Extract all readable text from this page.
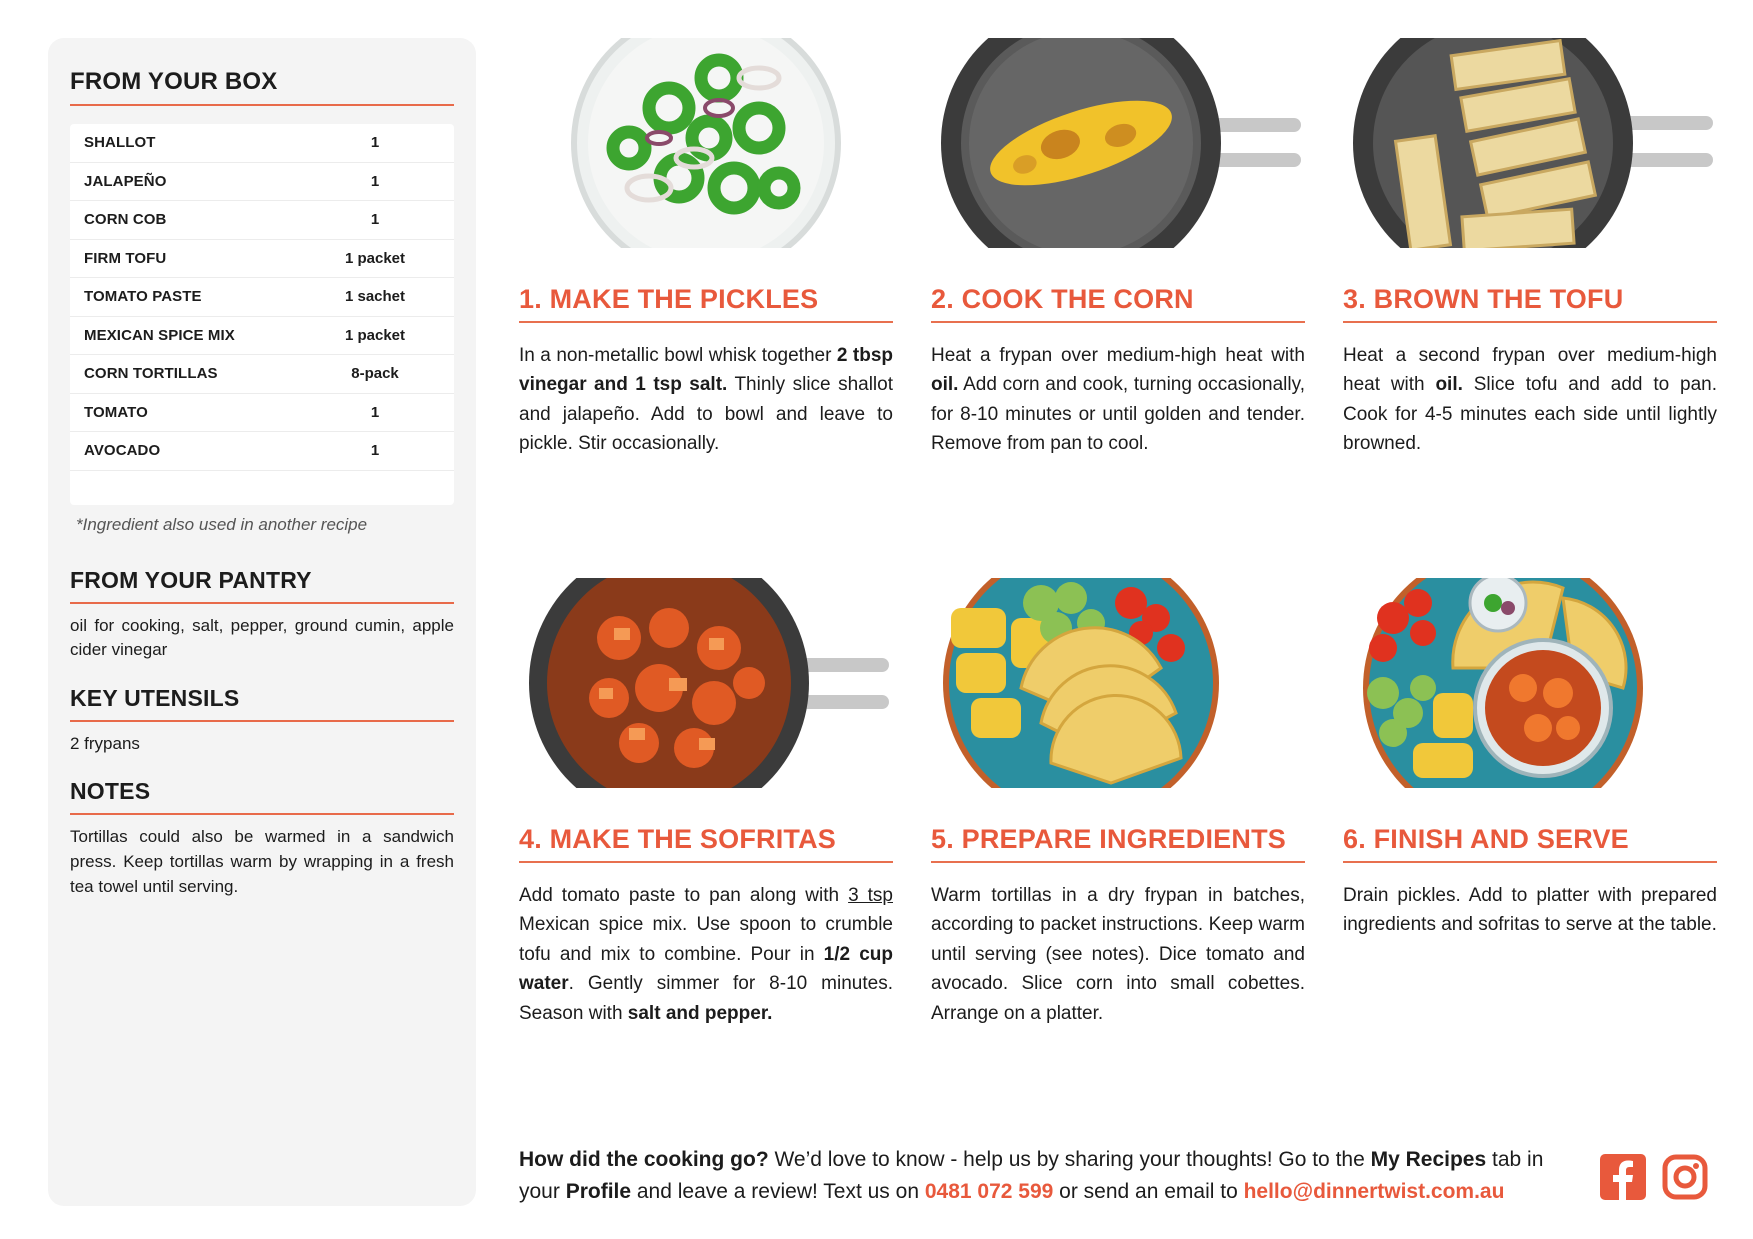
FROM YOUR BOX
SHALLOT	1
JALAPEÑO	1
CORN COB	1
FIRM TOFU	1 packet
TOMATO PASTE	1 sachet
MEXICAN SPICE MIX	1 packet
CORN TORTILLAS	8-pack
TOMATO	1
AVOCADO	1
*Ingredient also used in another recipe
FROM YOUR PANTRY
oil for cooking, salt, pepper, ground cumin, apple cider vinegar
KEY UTENSILS
2 frypans
NOTES
Tortillas could also be warmed in a sandwich press. Keep tortillas warm by wrapping in a fresh tea towel until serving.
1. MAKE THE PICKLES
In a non-metallic bowl whisk together 2 tbsp vinegar and 1 tsp salt. Thinly slice shallot and jalapeño. Add to bowl and leave to pickle. Stir occasionally.
2. COOK THE CORN
Heat a frypan over medium-high heat with oil. Add corn and cook, turning occasionally, for 8-10 minutes or until golden and tender. Remove from pan to cool.
3. BROWN THE TOFU
Heat a second frypan over medium-high heat with oil. Slice tofu and add to pan. Cook for 4-5 minutes each side until lightly browned.
4. MAKE THE SOFRITAS
Add tomato paste to pan along with 3 tsp Mexican spice mix. Use spoon to crumble tofu and mix to combine. Pour in 1/2 cup water. Gently simmer for 8-10 minutes. Season with salt and pepper.
5. PREPARE INGREDIENTS
Warm tortillas in a dry frypan in batches, according to packet instructions. Keep warm until serving (see notes). Dice tomato and avocado. Slice corn into small cobettes. Arrange on a platter.
6. FINISH AND SERVE
Drain pickles. Add to platter with prepared ingredients and sofritas to serve at the table.
How did the cooking go? We’d love to know - help us by sharing your thoughts! Go to the My Recipes tab in your Profile and leave a review! Text us on 0481 072 599 or send an email to hello@dinnertwist.com.au
